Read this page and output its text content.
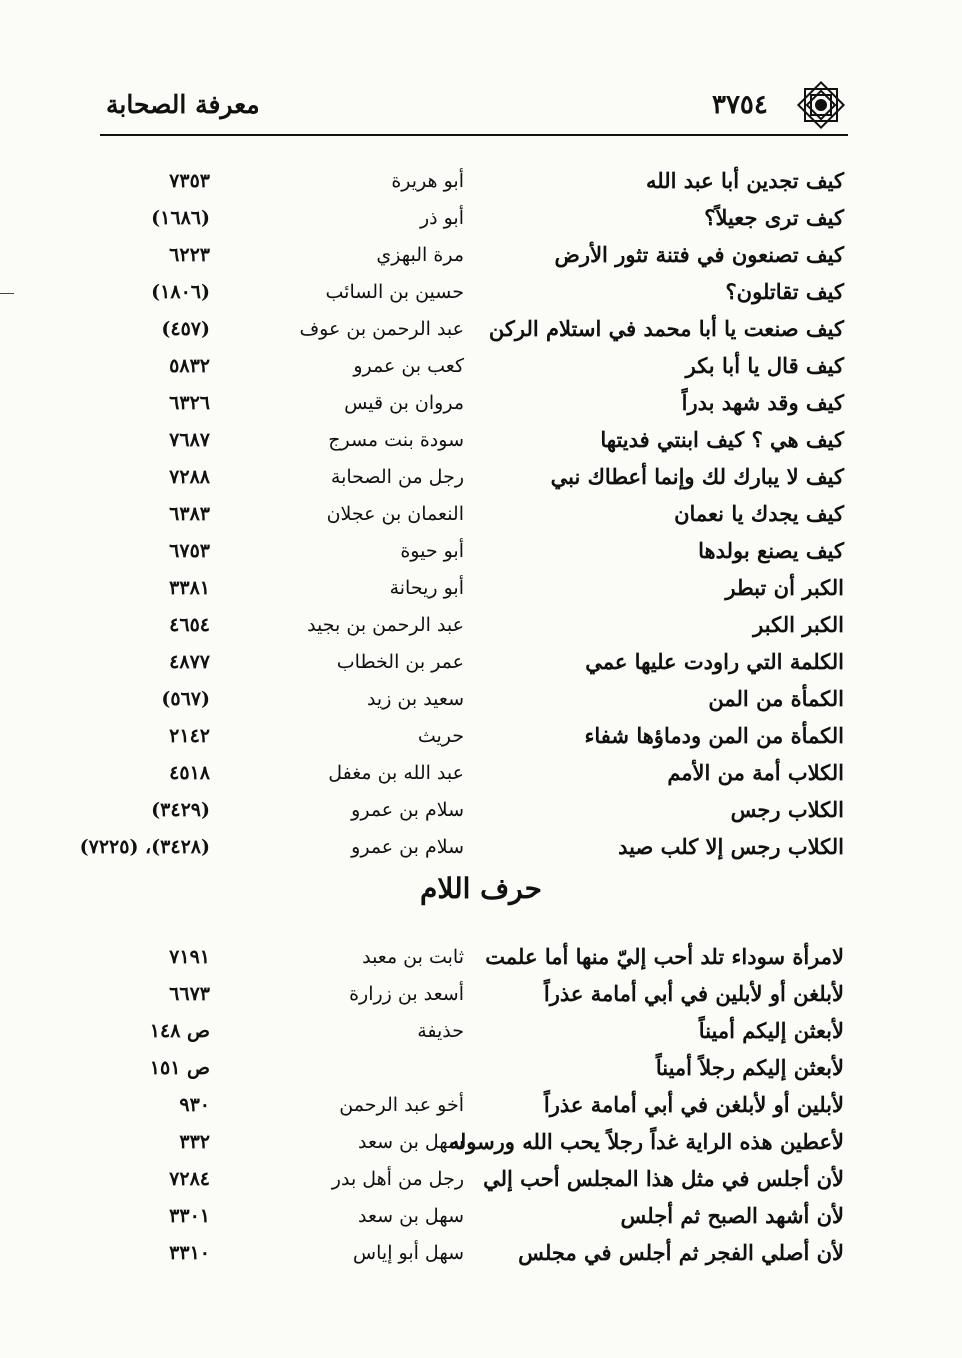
معرفة الصحابة	٣٧٥٤
كيف تجدين أبا عبد الله
أبو هريرة
٧٣٥٣
كيف ترى جعيلاً؟
أبو ذر
(١٦٨٦)
كيف تصنعون في فتنة تثور الأرض
مرة البهزي
٦٢٢٣
كيف تقاتلون؟
حسين بن السائب
(١٨٠٦)
كيف صنعت يا أبا محمد في استلام الركن
عبد الرحمن بن عوف
(٤٥٧)
كيف قال يا أبا بكر
كعب بن عمرو
٥٨٣٢
كيف وقد شهد بدراً
مروان بن قيس
٦٣٢٦
كيف هي ؟ كيف ابنتي فديتها
سودة بنت مسرج
٧٦٨٧
كيف لا يبارك لك وإنما أعطاك نبي
رجل من الصحابة
٧٢٨٨
كيف يجدك يا نعمان
النعمان بن عجلان
٦٣٨٣
كيف يصنع بولدها
أبو حيوة
٦٧٥٣
الكبر أن تبطر
أبو ريحانة
٣٣٨١
الكبر الكبر
عبد الرحمن بن بجيد
٤٦٥٤
الكلمة التي راودت عليها عمي
عمر بن الخطاب
٤٨٧٧
الكمأة من المن
سعيد بن زيد
(٥٦٧)
الكمأة من المن ودماؤها شفاء
حريث
٢١٤٢
الكلاب أمة من الأمم
عبد الله بن مغفل
٤٥١٨
الكلاب رجس
سلام بن عمرو
(٣٤٢٩)
الكلاب رجس إلا كلب صيد
سلام بن عمرو
(٣٤٢٨)، (٧٢٢٥)
حرف اللام
لامرأة سوداء تلد أحب إليّ منها أما علمت
ثابت بن معبد
٧١٩١
لأبلغن أو لأبلين في أبي أمامة عذراً
أسعد بن زرارة
٦٦٧٣
لأبعثن إليكم أميناً
حذيفة
ص ١٤٨
لأبعثن إليكم رجلاً أميناً
ص ١٥١
لأبلين أو لأبلغن في أبي أمامة عذراً
أخو عبد الرحمن
٩٣٠
لأعطين هذه الراية غداً رجلاً يحب الله ورسوله
سهل بن سعد
٣٣٢
لأن أجلس في مثل هذا المجلس أحب إلي
رجل من أهل بدر
٧٢٨٤
لأن أشهد الصبح ثم أجلس
سهل بن سعد
٣٣٠١
لأن أصلي الفجر ثم أجلس في مجلس
سهل أبو إياس
٣٣١٠
